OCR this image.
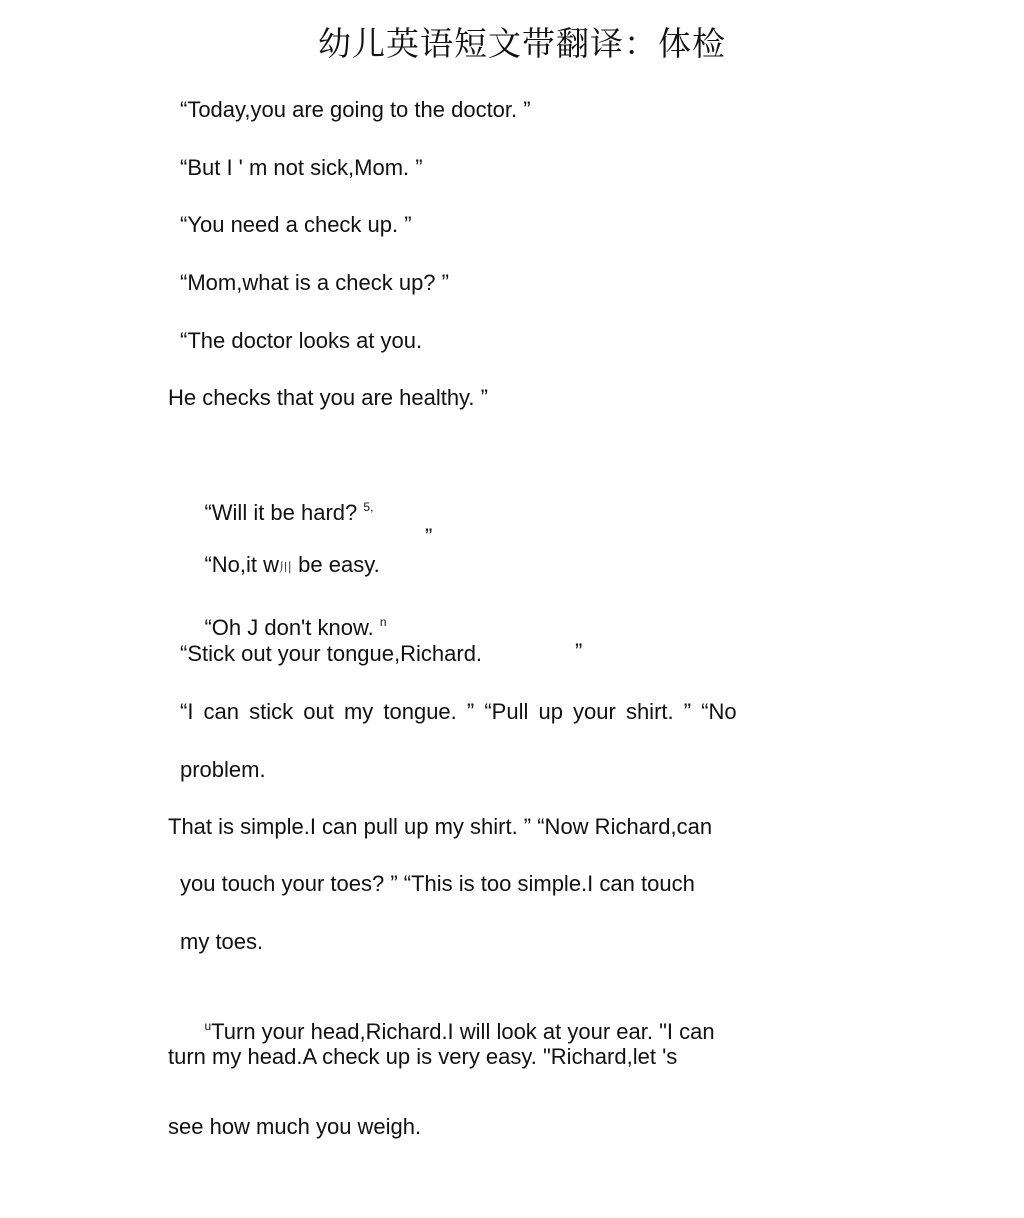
幼儿英语短文带翻译：体检
“Today,you are going to the doctor. ”
“But I ' m not sick,Mom. ”
“You need a check up. ”
“Mom,what is a check up? ”
“The doctor looks at you.
He checks that you are healthy. ”

“Will it be hard? $^{5,}$

“No,it w川 be easy.

”

“Oh J don't know. $^n$

“Stick out your tongue,Richard.	”
“I can stick out my tongue. ” “Pull up your shirt. ” “No
problem.
That is simple.I can pull up my shirt. ” “Now Richard,can
you touch your toes? ” “This is too simple.I can touch
my toes.

$^u$Turn your head,Richard.I will look at your ear. "I can

turn my head.A check up is very easy. "Richard,let 's
see how much you weigh.
